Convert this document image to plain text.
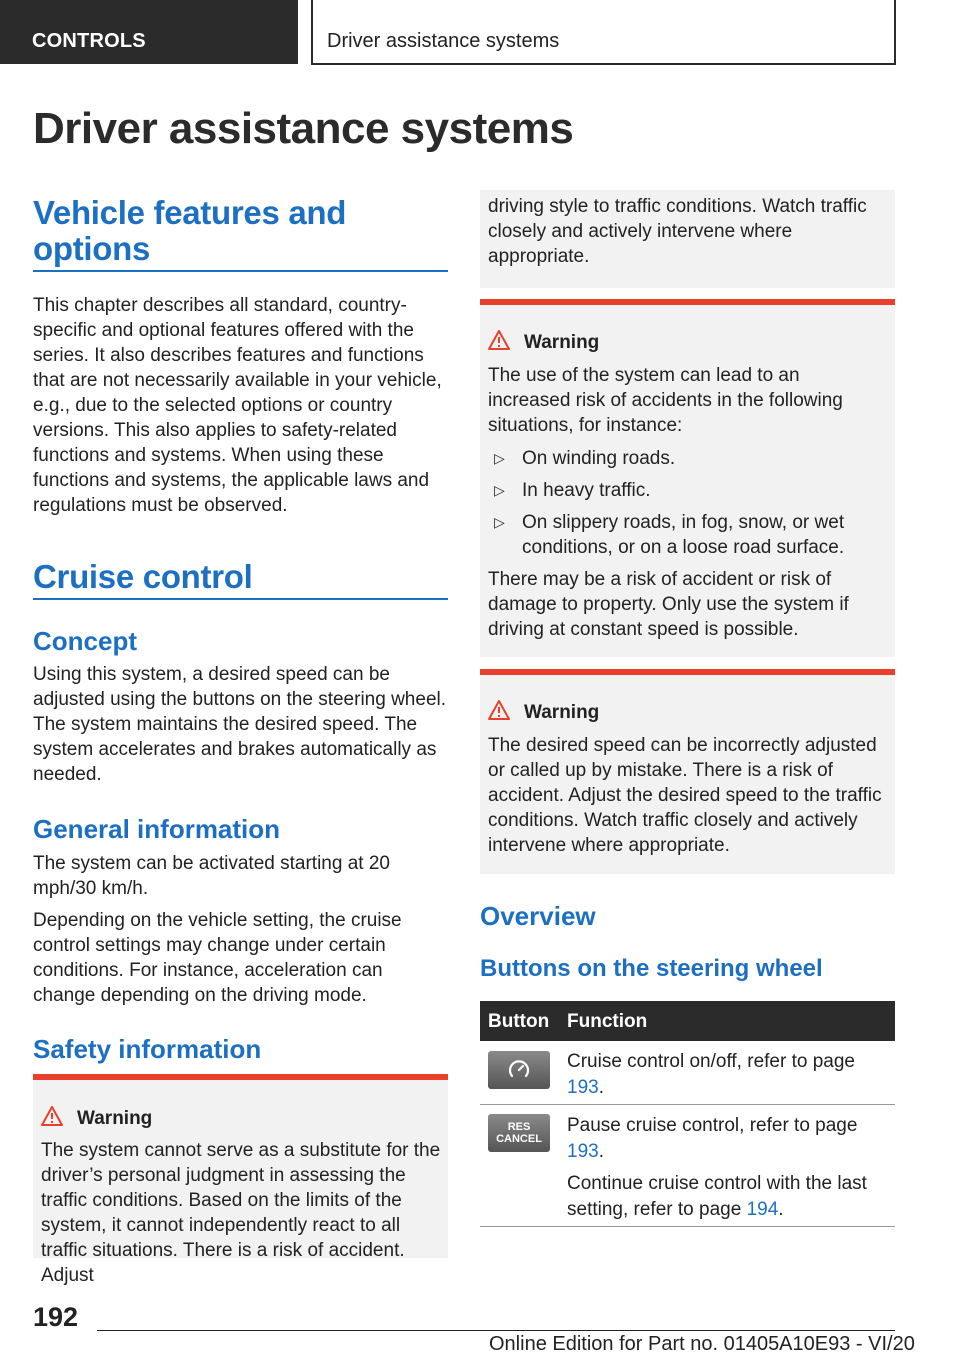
CONTROLS	Driver assistance systems
Driver assistance systems
Vehicle features and
options

This chapter describes all standard, country-specific and optional features offered with the series. It also describes features and functions that are not necessarily available in your vehicle, e.g., due to the selected options or country versions. This also applies to safety-related functions and systems. When using these functions and systems, the applicable laws and regulations must be observed.

Cruise control
Concept

Using this system, a desired speed can be adjusted using the buttons on the steering wheel. The system maintains the desired speed. The system accelerates and brakes automatically as needed.

General information

The system can be activated starting at 20 mph/30 km/h.

Depending on the vehicle setting, the cruise control settings may change under certain conditions. For instance, acceleration can change depending on the driving mode.

Safety information
Warning
The system cannot serve as a substitute for the driver’s personal judgment in assessing the traffic conditions. Based on the limits of the system, it cannot independently react to all traffic situations. There is a risk of accident. Adjust
driving style to traffic conditions. Watch traffic closely and actively intervene where appropriate.
Warning
The use of the system can lead to an increased risk of accidents in the following situations, for instance:
▷ On winding roads.
▷ In heavy traffic.
▷ On slippery roads, in fog, snow, or wet conditions, or on a loose road surface.
There may be a risk of accident or risk of damage to property. Only use the system if driving at constant speed is possible.
Warning
The desired speed can be incorrectly adjusted or called up by mistake. There is a risk of accident. Adjust the desired speed to the traffic conditions. Watch traffic closely and actively intervene where appropriate.
Overview
Buttons on the steering wheel
Button Function
Cruise control on/off, refer to page 193.
RES
CANCEL
Pause cruise control, refer to page 193.
Continue cruise control with the last setting, refer to page 194.
192
Online Edition for Part no. 01405A10E93 - VI/20
